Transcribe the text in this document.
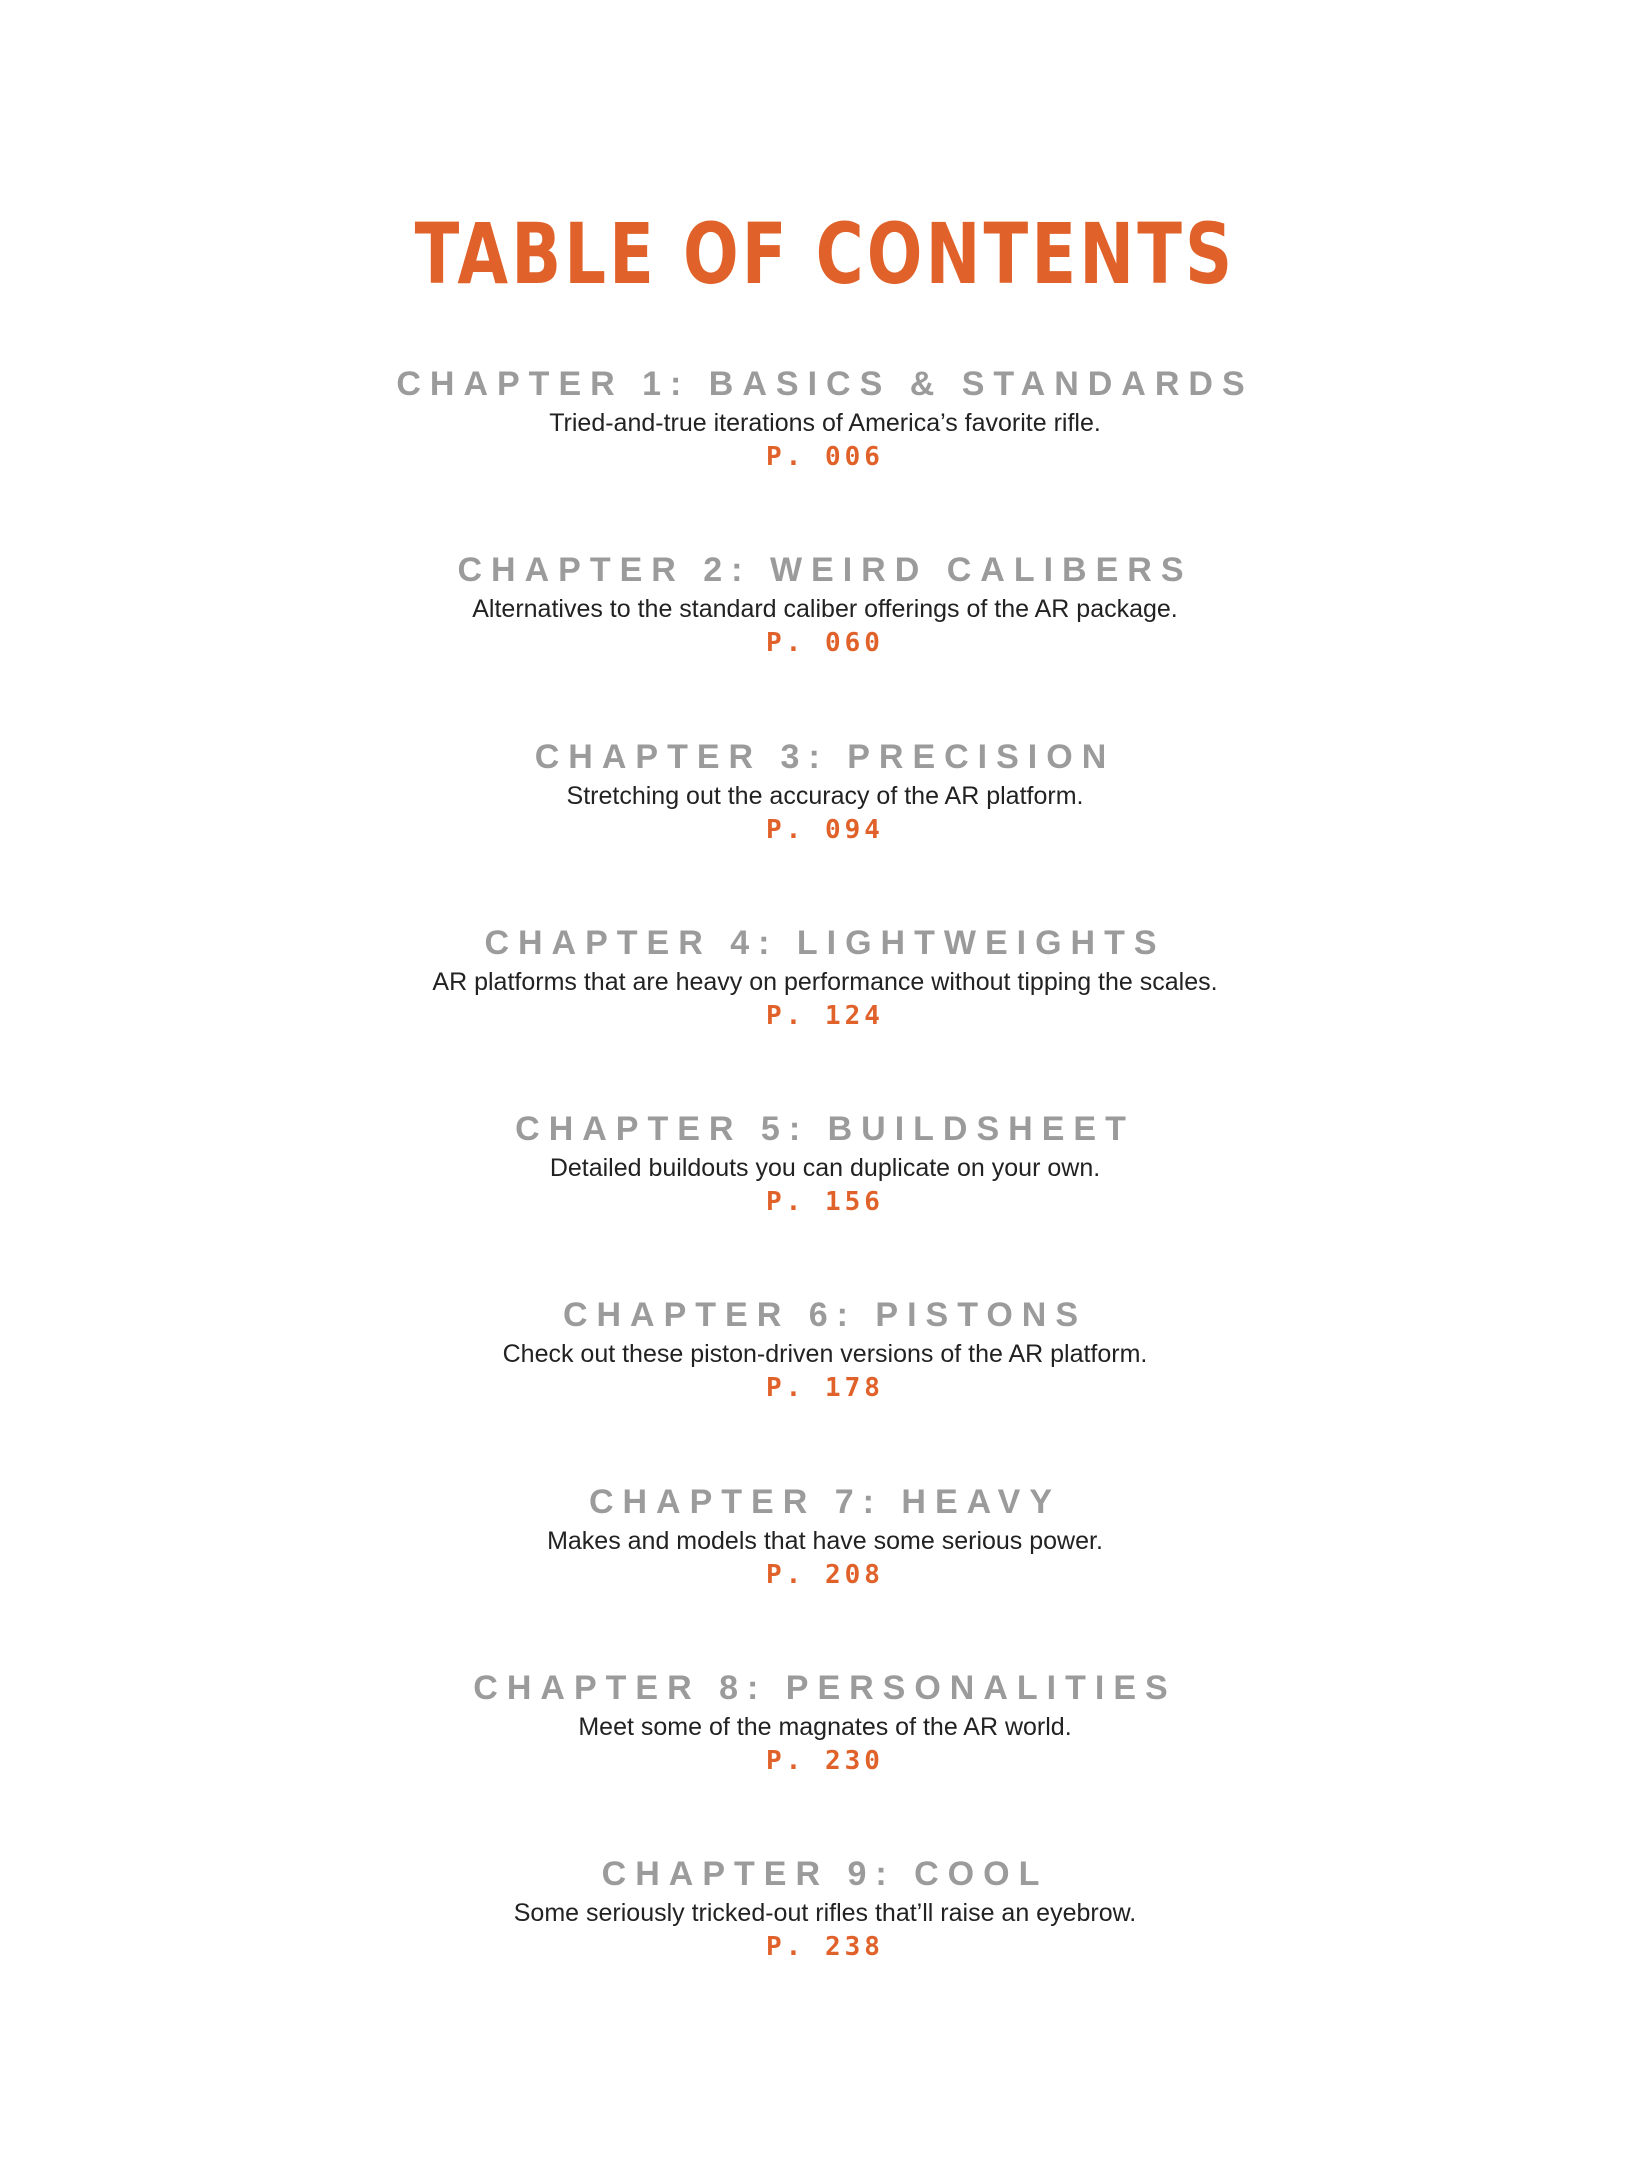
TABLE OF CONTENTS
CHAPTER 1: BASICS & STANDARDS
Tried-and-true iterations of America’s favorite rifle.
P. 006
CHAPTER 2: WEIRD CALIBERS
Alternatives to the standard caliber offerings of the AR package.
P. 060
CHAPTER 3: PRECISION
Stretching out the accuracy of the AR platform.
P. 094
CHAPTER 4: LIGHTWEIGHTS
AR platforms that are heavy on performance without tipping the scales.
P. 124
CHAPTER 5: BUILDSHEET
Detailed buildouts you can duplicate on your own.
P. 156
CHAPTER 6: PISTONS
Check out these piston-driven versions of the AR platform.
P. 178
CHAPTER 7: HEAVY
Makes and models that have some serious power.
P. 208
CHAPTER 8: PERSONALITIES
Meet some of the magnates of the AR world.
P. 230
CHAPTER 9: COOL
Some seriously tricked-out rifles that’ll raise an eyebrow.
P. 238
